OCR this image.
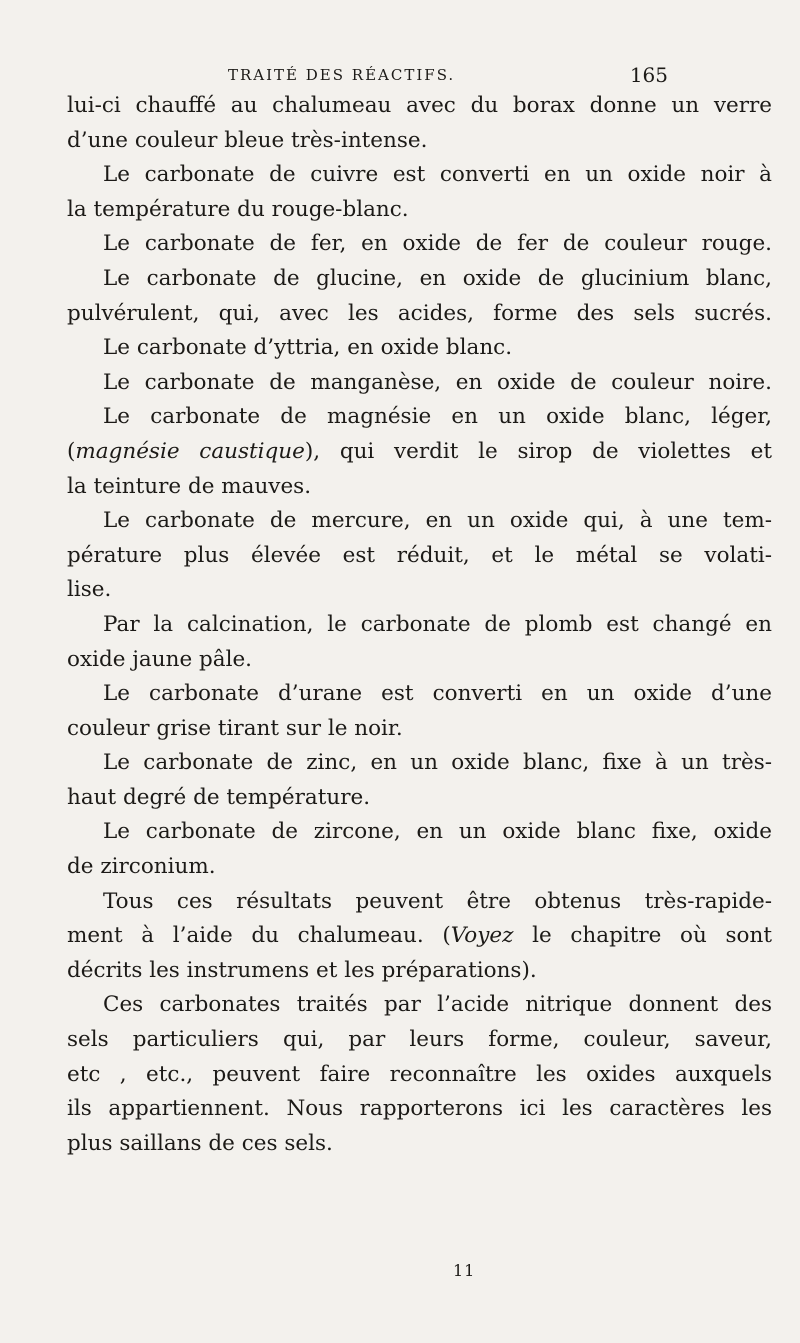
TRAITÉ DES RÉACTIFS.	165
lui-ci chauffé au chalumeau avec du borax donne un verre
d’une couleur bleue très-intense.
Le carbonate de cuivre est converti en un oxide noir à
la température du rouge-blanc.
Le carbonate de fer, en oxide de fer de couleur rouge.
Le carbonate de glucine, en oxide de glucinium blanc,
pulvérulent, qui, avec les acides, forme des sels sucrés.
Le carbonate d’yttria, en oxide blanc.
Le carbonate de manganèse, en oxide de couleur noire.
Le carbonate de magnésie en un oxide blanc, léger,
(magnésie caustique), qui verdit le sirop de violettes et
la teinture de mauves.
Le carbonate de mercure, en un oxide qui, à une tem-
pérature plus élevée est réduit, et le métal se volati-
lise.
Par la calcination, le carbonate de plomb est changé en
oxide jaune pâle.
Le carbonate d’urane est converti en un oxide d’une
couleur grise tirant sur le noir.
Le carbonate de zinc, en un oxide blanc, fixe à un très-
haut degré de température.
Le carbonate de zircone, en un oxide blanc fixe, oxide
de zirconium.
Tous ces résultats peuvent être obtenus très-rapide-
ment à l’aide du chalumeau. (Voyez le chapitre où sont
décrits les instrumens et les préparations).
Ces carbonates traités par l’acide nitrique donnent des
sels particuliers qui, par leurs forme, couleur, saveur,
etc , etc., peuvent faire reconnaître les oxides auxquels
ils appartiennent. Nous rapporterons ici les caractères les
plus saillans de ces sels.
11
